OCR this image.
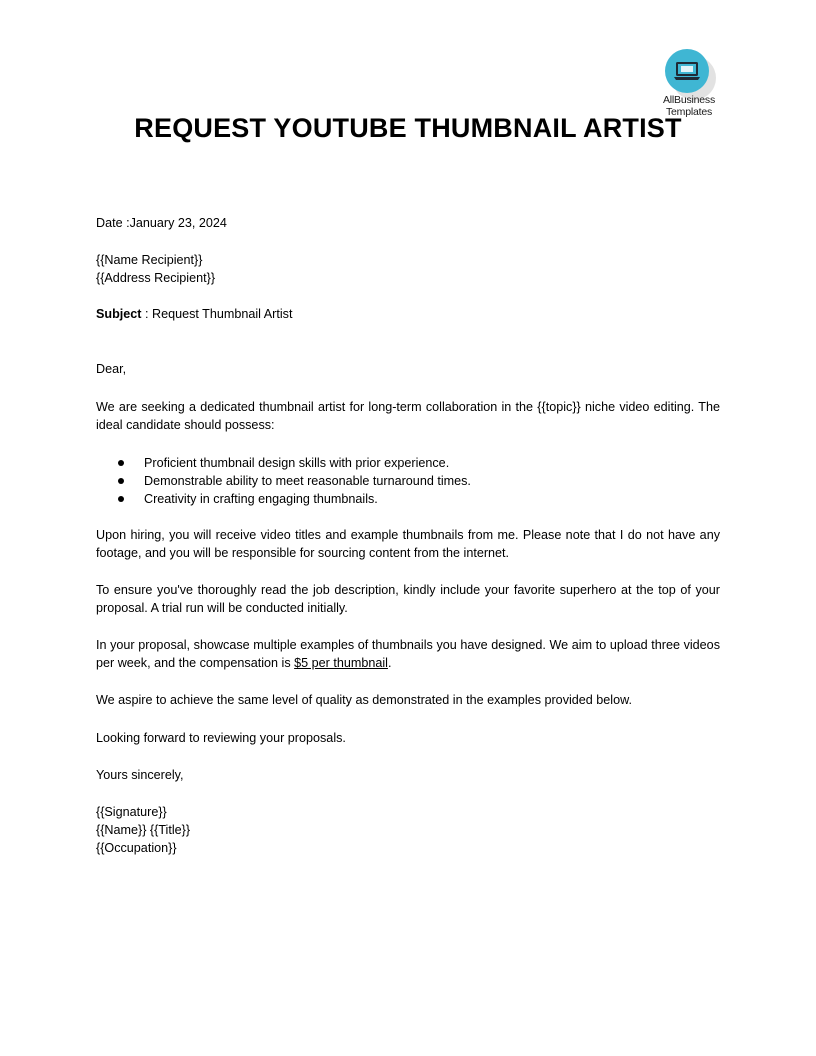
AllBusiness
Templates
REQUEST YOUTUBE THUMBNAIL ARTIST
Date :January 23, 2024
{{Name Recipient}}
{{Address Recipient}}
Subject : Request Thumbnail Artist
Dear,
We are seeking a dedicated thumbnail artist for long-term collaboration in the {{topic}} niche video editing. The ideal candidate should possess:
Proficient thumbnail design skills with prior experience.
Demonstrable ability to meet reasonable turnaround times.
Creativity in crafting engaging thumbnails.
Upon hiring, you will receive video titles and example thumbnails from me. Please note that I do not have any footage, and you will be responsible for sourcing content from the internet.
To ensure you've thoroughly read the job description, kindly include your favorite superhero at the top of your proposal. A trial run will be conducted initially.
In your proposal, showcase multiple examples of thumbnails you have designed. We aim to upload three videos per week, and the compensation is $5 per thumbnail.
We aspire to achieve the same level of quality as demonstrated in the examples provided below.
Looking forward to reviewing your proposals.
Yours sincerely,
{{Signature}}
{{Name}} {{Title}}
{{Occupation}}
